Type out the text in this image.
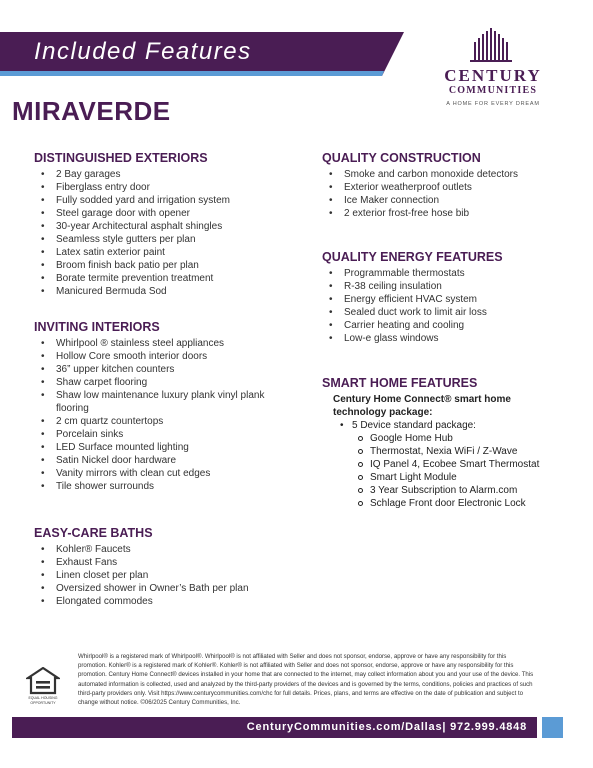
Included Features
CENTURY
COMMUNITIES
A HOME FOR EVERY DREAM
MIRAVERDE
DISTINGUISHED EXTERIORS
• 2 Bay garages
• Fiberglass entry door
• Fully sodded yard and irrigation system
• Steel garage door with opener
• 30-year Architectural asphalt shingles
• Seamless style gutters per plan
• Latex satin exterior paint
• Broom finish back patio per plan
• Borate termite prevention treatment
• Manicured Bermuda Sod
INVITING INTERIORS
• Whirlpool ® stainless steel appliances
• Hollow Core smooth interior doors
• 36” upper kitchen counters
• Shaw carpet flooring
• Shaw low maintenance luxury plank vinyl plank flooring
• 2 cm quartz countertops
• Porcelain sinks
• LED Surface mounted lighting
• Satin Nickel door hardware
• Vanity mirrors with clean cut edges
• Tile shower surrounds
EASY-CARE BATHS
• Kohler® Faucets
• Exhaust Fans
• Linen closet per plan
• Oversized shower in Owner’s Bath per plan
• Elongated commodes
QUALITY CONSTRUCTION
• Smoke and carbon monoxide detectors
• Exterior weatherproof outlets
• Ice Maker connection
• 2 exterior frost-free hose bib
QUALITY ENERGY FEATURES
• Programmable thermostats
• R-38 ceiling insulation
• Energy efficient HVAC system
• Sealed duct work to limit air loss
• Carrier heating and cooling
• Low-e glass windows
SMART HOME FEATURES
Century Home Connect® smart home technology package:
• 5 Device standard package:
Google Home Hub
Thermostat, Nexia WiFi / Z-Wave
IQ Panel 4, Ecobee Smart Thermostat
Smart Light Module
3 Year Subscription to Alarm.com
Schlage Front door Electronic Lock
EQUAL HOUSING OPPORTUNITY
Whirlpool® is a registered mark of Whirlpool®. Whirlpool® is not affiliated with Seller and does not sponsor, endorse, approve or have any responsibility for this promotion. Kohler® is a registered mark of Kohler®. Kohler® is not affiliated with Seller and does not sponsor, endorse, approve or have any responsibility for this promotion. Century Home Connect® devices installed in your home that are connected to the internet, may collect information about you and your use of the device. This automated information is collected, used and analyzed by the third-party providers of the devices and is governed by the terms, conditions, policies and practices of such third-party providers only. Visit https://www.centurycommunities.com/chc for full details. Prices, plans, and terms are effective on the date of publication and subject to change without notice. ©06/2025 Century Communities, Inc.
CenturyCommunities.com/Dallas| 972.999.4848
